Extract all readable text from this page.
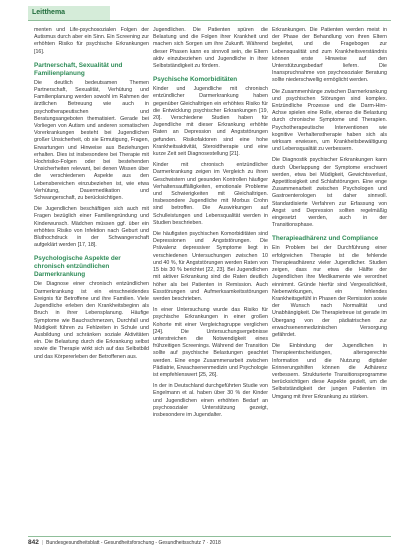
Leitthema

menten und Life-psychosozialen Folgen der Autismus durch aber ein Sinn. Ein Screening zur erhöhten Risiko für psychische Erkrankungen [16].

Partnerschaft, Sexualität und Familienplanung

Die deutlich bedeutsamen Themen Partnerschaft, Sexualität, Verhütung und Familienplanung werden sowohl im Rahmen der ärztlichen Betreuung wie auch in psychotherapeutischen und Beratungsangeboten thematisiert. Gerade bei Vorliegen von Autism und anderen somatischen Vorerkrankungen besteht bei Jugendlichen großer Unsicherheit, ob sie Ermutigung, Fragen, Erwartungen und Hinweise aus Beziehungen erhalten. Dies ist insbesondere bei Therapie mit Hochrisiko-Folgen oder bei bestehenden Unsicherheiten relevant, bei denen Wissen über die verschiedenen Aspekte aus den Lebensbereichen einzubeziehen ist, wie etwa Verhütung, Dauermedikation und Schwangerschaft, zu berücksichtigen.

Die Jugendlichen beschäftigen sich auch mit Fragen bezüglich einer Familiengründung und Kinderwunsch. Mädchen müssen ggf. über ein erhöhtes Risiko von Infektion nach Geburt und Bluthochdruck in der Schwangerschaft aufgeklärt werden [17, 18].

Psychologische Aspekte der chronisch entzündlichen Darmerkrankung

Die Diagnose einer chronisch entzündlichen Darmerkrankung ist ein einschneidendes Ereignis für Betroffene und ihre Familien. Viele Jugendliche erleben den Krankheitsbeginn als Bruch in ihrer Lebensplanung. Häufige Symptome wie Bauchschmerzen, Durchfall und Müdigkeit führen zu Fehlzeiten in Schule und Ausbildung und schränken soziale Aktivitäten ein. Die Belastung durch die Erkrankung selbst sowie die Therapie wirkt sich auf das Selbstbild und das Körpererleben der Betroffenen aus.

Jugendlichen. Die Patienten spüren die Belastung und die Folgen ihrer Krankheit und machen sich Sorgen um ihre Zukunft. Während dieser Phasen kann es sinnvoll sein, die Eltern aktiv einzubeziehen und Jugendliche in ihrer Selbstständigkeit zu fördern.

Psychische Komorbiditäten

Kinder und Jugendliche mit chronisch entzündlicher Darmerkrankung haben gegenüber Gleichaltrigen ein erhöhtes Risiko für die Entwicklung psychischer Erkrankungen [19, 20]. Verschiedene Studien haben für Jugendliche mit dieser Erkrankung erhöhte Raten an Depression und Angststörungen gefunden. Risikofaktoren sind eine hohe Krankheitsaktivität, Steroidtherapie und eine kurze Zeit seit Diagnosestellung [21].

Kinder mit chronisch entzündlicher Darmerkrankung zeigen im Vergleich zu ihren Geschwistern und gesunden Kontrollen häufiger Verhaltensauffälligkeiten, emotionale Probleme und Schwierigkeiten mit Gleichaltrigen. Insbesondere Jugendliche mit Morbus Crohn sind betroffen. Die Auswirkungen auf Schulleistungen und Lebensqualität werden in Studien beschrieben.

Die häufigsten psychischen Komorbiditäten sind Depressionen und Angststörungen. Die Prävalenz depressiver Symptome liegt in verschiedenen Untersuchungen zwischen 10 und 40 %, für Angststörungen werden Raten von 15 bis 30 % berichtet [22, 23]. Bei Jugendlichen mit aktiver Erkrankung sind die Raten deutlich höher als bei Patienten in Remission. Auch Essstörungen und Aufmerksamkeitsstörungen werden beschrieben.

In einer Untersuchung wurde das Risiko für psychische Erkrankungen in einer großen Kohorte mit einer Vergleichsgruppe verglichen [24]. Die Untersuchungsergebnisse unterstreichen die Notwendigkeit eines frühzeitigen Screenings. Während der Transition sollte auf psychische Belastungen geachtet werden. Eine enge Zusammenarbeit zwischen Pädiatrie, Erwachsenenmedizin und Psychologie ist empfehlenswert [25, 26].

In der in Deutschland durchgeführten Studie von Engelmann et al. haben über 30 % der Kinder und Jugendlichen einen erhöhten Bedarf an psychosozialer Unterstützung gezeigt, insbesondere im Jugendalter.

Erkrankungen. Die Patienten werden meist in der Phase der Behandlung von ihren Eltern begleitet, und die Fragebogen zur Lebensqualität und zum Krankheitsverständnis können erste Hinweise auf den Unterstützungsbedarf liefern. Die Inanspruchnahme von psychosozialer Beratung sollte niederschwellig ermöglicht werden.

Die Zusammenhänge zwischen Darmerkrankung und psychischen Störungen sind komplex. Entzündliche Prozesse und die Darm-Hirn-Achse spielen eine Rolle, ebenso die Belastung durch chronische Symptome und Therapien. Psychotherapeutische Interventionen wie kognitive Verhaltenstherapie haben sich als wirksam erwiesen, um Krankheitsbewältigung und Lebensqualität zu verbessern.

Die Diagnostik psychischer Erkrankungen kann durch Überlappung der Symptome erschwert werden, etwa bei Müdigkeit, Gewichtsverlust, Appetitlosigkeit und Schlafstörungen. Eine enge Zusammenarbeit zwischen Psychologen und Gastroenterologen ist daher sinnvoll. Standardisierte Verfahren zur Erfassung von Angst und Depression sollten regelmäßig eingesetzt werden, auch in der Transitionsphase.

Therapieadhärenz und Compliance

Ein Problem bei der Durchführung einer erfolgreichen Therapie ist die fehlende Therapieadhärenz vieler Jugendlicher. Studien zeigen, dass nur etwa die Hälfte der Jugendlichen ihre Medikamente wie verordnet einnimmt. Gründe hierfür sind Vergesslichkeit, Nebenwirkungen, ein fehlendes Krankheitsgefühl in Phasen der Remission sowie der Wunsch nach Normalität und Unabhängigkeit. Die Therapietreue ist gerade im Übergang von der pädiatrischen zur erwachsenenmedizinischen Versorgung gefährdet.

Die Einbindung der Jugendlichen in Therapieentscheidungen, altersgerechte Information und die Nutzung digitaler Erinnerungshilfen können die Adhärenz verbessern. Strukturierte Transitionsprogramme berücksichtigen diese Aspekte gezielt, um die Selbstständigkeit der jungen Patienten im Umgang mit ihrer Erkrankung zu stärken.

842 | Bundesgesundheitsblatt - Gesundheitsforschung - Gesundheitsschutz 7 · 2018
